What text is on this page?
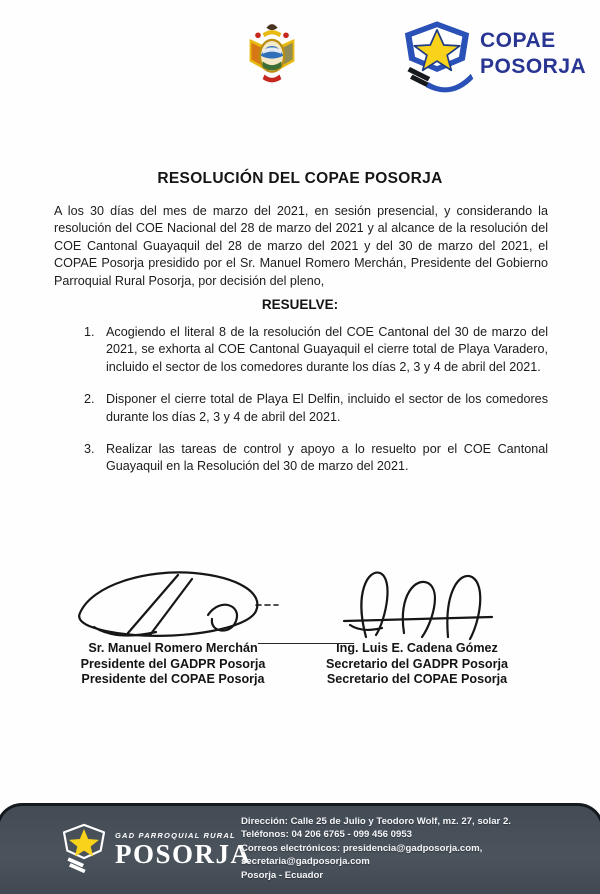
COPAE
POSORJA
RESOLUCIÓN DEL COPAE POSORJA
A los 30 días del mes de marzo del 2021, en sesión presencial, y considerando la resolución del COE Nacional del 28 de marzo del 2021 y al alcance de la resolución del COE Cantonal Guayaquil del 28 de marzo del 2021 y del 30 de marzo del 2021, el COPAE Posorja presidido por el Sr. Manuel Romero Merchán, Presidente del Gobierno Parroquial Rural Posorja, por decisión del pleno,
RESUELVE:
1. Acogiendo el literal 8 de la resolución del COE Cantonal del 30 de marzo del 2021, se exhorta al COE Cantonal Guayaquil el cierre total de Playa Varadero, incluido el sector de los comedores durante los días 2, 3 y 4 de abril del 2021.
2. Disponer el cierre total de Playa El Delfin, incluido el sector de los comedores durante los días 2, 3 y 4 de abril del 2021.
3. Realizar las tareas de control y apoyo a lo resuelto por el COE Cantonal Guayaquil en la Resolución del 30 de marzo del 2021.
Sr. Manuel Romero Merchán
Presidente del GADPR Posorja
Presidente del COPAE Posorja
Ing. Luis E. Cadena Gómez
Secretario del GADPR Posorja
Secretario del COPAE Posorja
GAD PARROQUIAL RURAL
POSORJA
Dirección: Calle 25 de Julio y Teodoro Wolf, mz. 27, solar 2.
Teléfonos: 04 206 6765 - 099 456 0953
Correos electrónicos: presidencia@gadposorja.com,
secretaria@gadposorja.com
Posorja - Ecuador
